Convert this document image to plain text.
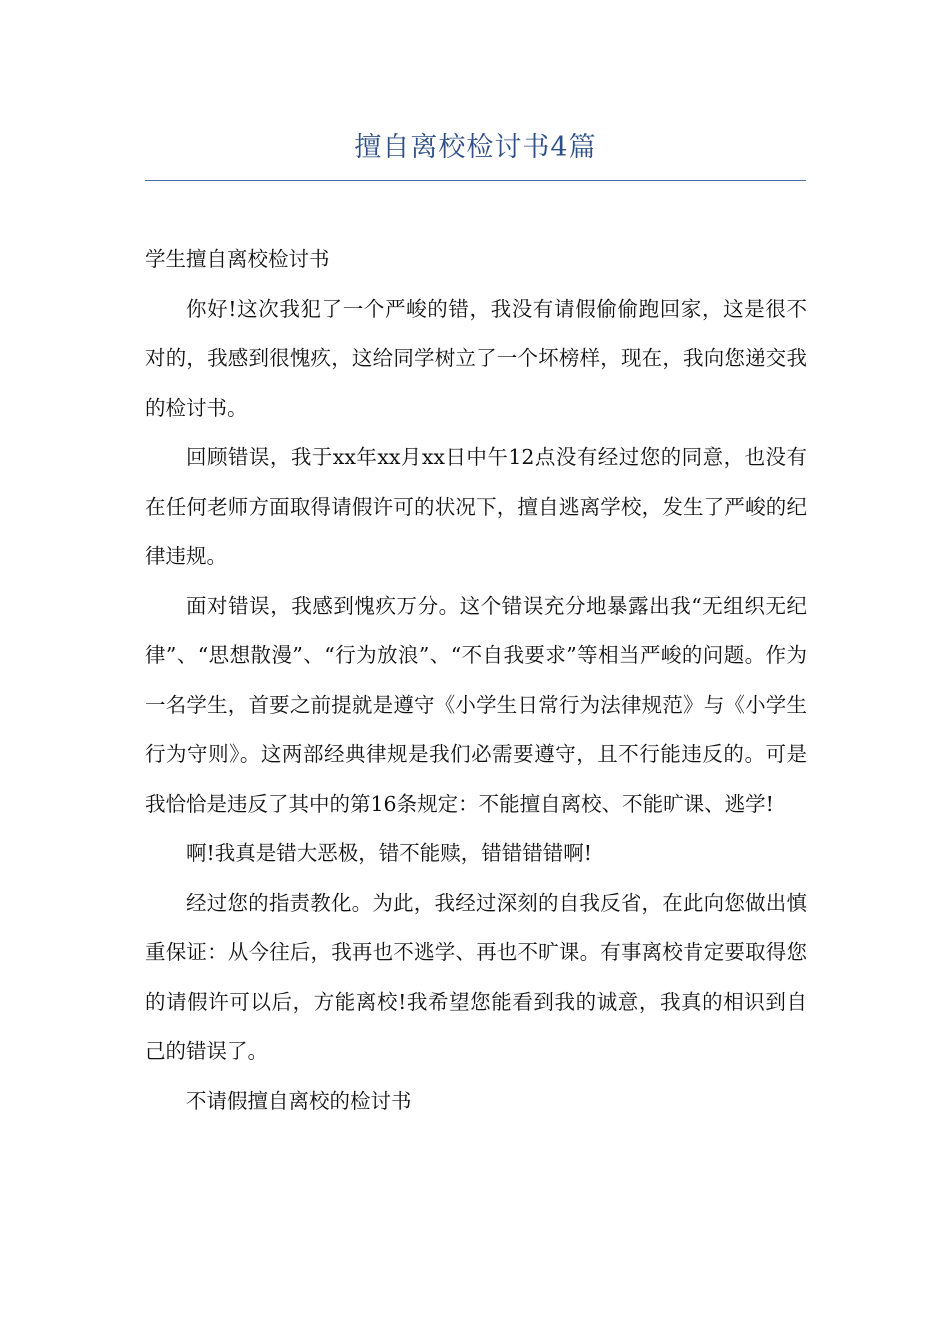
擅自离校检讨书4篇

学生擅自离校检讨书

你好!这次我犯了一个严峻的错，我没有请假偷偷跑回家，这是很不对的，我感到很愧疚，这给同学树立了一个坏榜样，现在，我向您递交我的检讨书。

回顾错误，我于xx年xx月xx日中午12点没有经过您的同意，也没有在任何老师方面取得请假许可的状况下，擅自逃离学校，发生了严峻的纪律违规。

面对错误，我感到愧疚万分。这个错误充分地暴露出我“无组织无纪律”、“思想散漫”、“行为放浪”、“不自我要求”等相当严峻的问题。作为一名学生，首要之前提就是遵守《小学生日常行为法律规范》与《小学生行为守则》。这两部经典律规是我们必需要遵守，且不行能违反的。可是我恰恰是违反了其中的第16条规定：不能擅自离校、不能旷课、逃学!

啊!我真是错大恶极，错不能赎，错错错错啊!

经过您的指责教化。为此，我经过深刻的自我反省，在此向您做出慎重保证：从今往后，我再也不逃学、再也不旷课。有事离校肯定要取得您的请假许可以后，方能离校!我希望您能看到我的诚意，我真的相识到自己的错误了。

不请假擅自离校的检讨书
